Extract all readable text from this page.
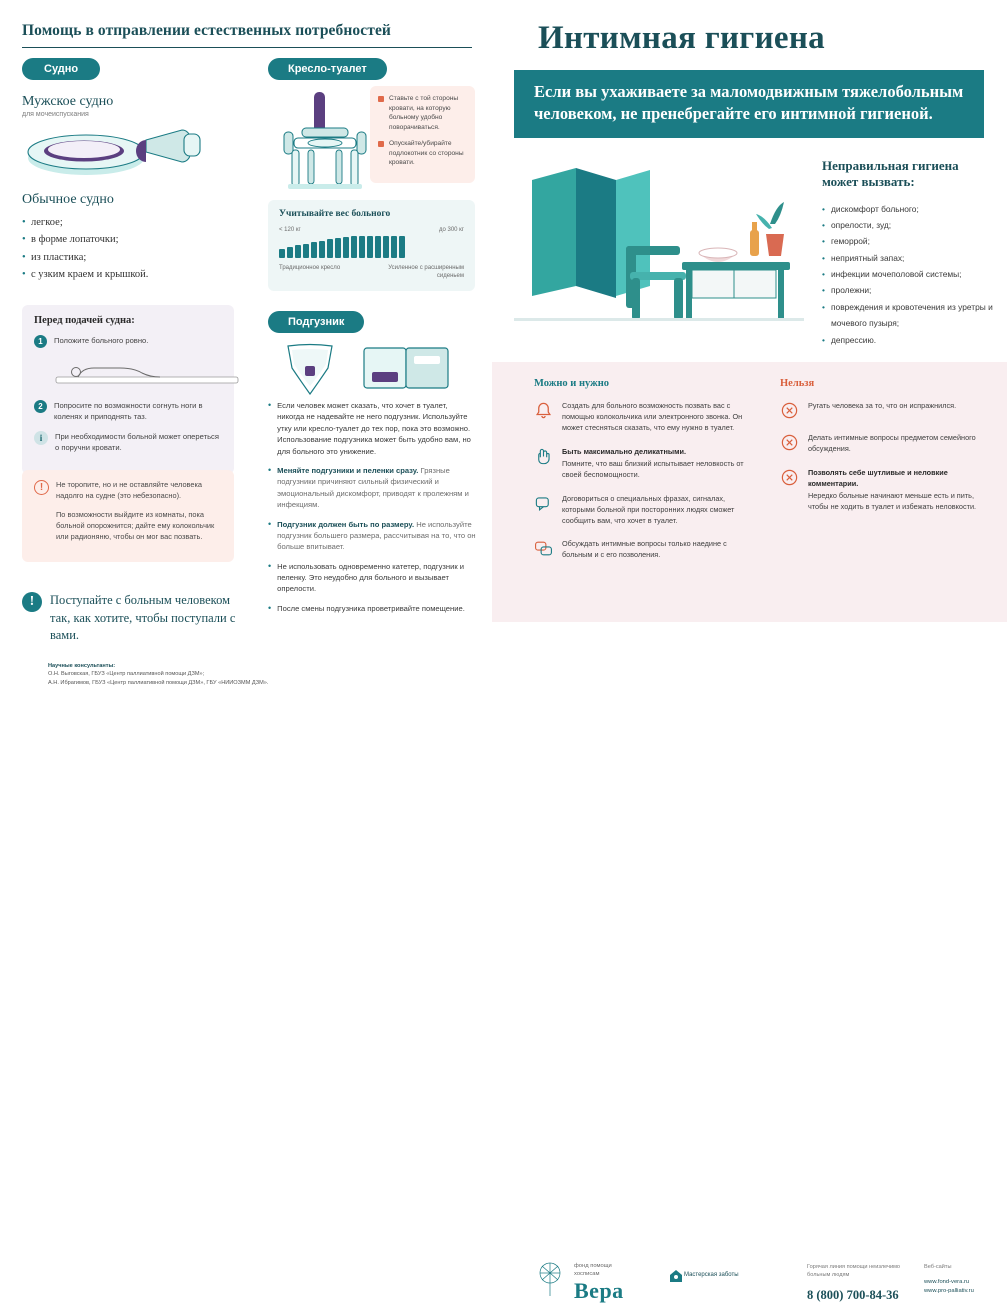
Помощь в отправлении естественных потребностей
Судно
Мужское судно
для мочеиспускания
Обычное судно
• легкое;
• в форме лопаточки;
• из пластика;
• с узким краем и крышкой.
Перед подачей судна:
1	Положите больного ровно.
2	Попросите по возможности согнуть ноги в коленях и приподнять таз.
i	При необходимости больной может опереться о поручни кровати.
!	Не торопите, но и не оставляйте человека надолго на судне (это небезопасно).
По возможности выйдите из комнаты, пока больной опорожнится; дайте ему колокольчик или радионяню, чтобы он мог вас позвать.
!	Поступайте с больным человеком так, как хотите, чтобы поступали с вами.
Научные консультанты:
О.Н. Выговская, ГБУЗ «Центр паллиативной помощи ДЗМ»;
А.Н. Ибрагимов, ГБУЗ «Центр паллиативной помощи ДЗМ», ГБУ «НИИОЗММ ДЗМ».
Кресло-туалет
Ставьте с той стороны кровати, на которую больному удобно поворачиваться.
Опускайте/убирайте подлокотник со стороны кровати.
Учитывайте вес больного
< 120 кг	до 300 кг
Традиционное кресло	Усиленное с расширенным сиденьем
Подгузник
• Если человек может сказать, что хочет в туалет, никогда не надевайте не него подгузник. Используйте утку или кресло-туалет до тех пор, пока это возможно. Использование подгузника может быть удобно вам, но для больного это унижение.
• Меняйте подгузники и пеленки сразу. Грязные подгузники причиняют сильный физический и эмоциональный дискомфорт, приводят к пролежням и инфекциям.
• Подгузник должен быть по размеру. Не используйте подгузник большего размера, рассчитывая на то, что он больше впитывает.
• Не использовать одновременно катетер, подгузник и пеленку. Это неудобно для больного и вызывает опрелости.
• После смены подгузника проветривайте помещение.
Интимная гигиена
Если вы ухаживаете за маломодвижным тяжелобольным человеком, не пренебрегайте его интимной гигиеной.
Неправильная гигиена может вызвать:
• дискомфорт больного;
• опрелости, зуд;
• геморрой;
• неприятный запах;
• инфекции мочеполовой системы;
• пролежни;
• повреждения и кровотечения из уретры и мочевого пузыря;
• депрессию.
Можно и нужно
Создать для больного возможность позвать вас с помощью колокольчика или электронного звонка. Он может стесняться сказать, что ему нужно в туалет.
Быть максимально деликатными.
Помните, что ваш близкий испытывает неловкость от своей беспомощности.
Договориться о специальных фразах, сигналах, которыми больной при посторонних людях сможет сообщить вам, что хочет в туалет.
Обсуждать интимные вопросы только наедине с больным и с его позволения.
Нельзя
Ругать человека за то, что он испражнился.
Делать интимные вопросы предметом семейного обсуждения.
Позволять себе шутливые и неловкие комментарии.
Нередко больные начинают меньше есть и пить, чтобы не ходить в туалет и избежать неловкости.
фонд помощи
хосписам
Вера
Мастерская заботы
Горячая линия помощи неизлечимо больным людям
8 (800) 700-84-36
Веб-сайты
www.fond-vera.ru
www.pro-palliativ.ru
